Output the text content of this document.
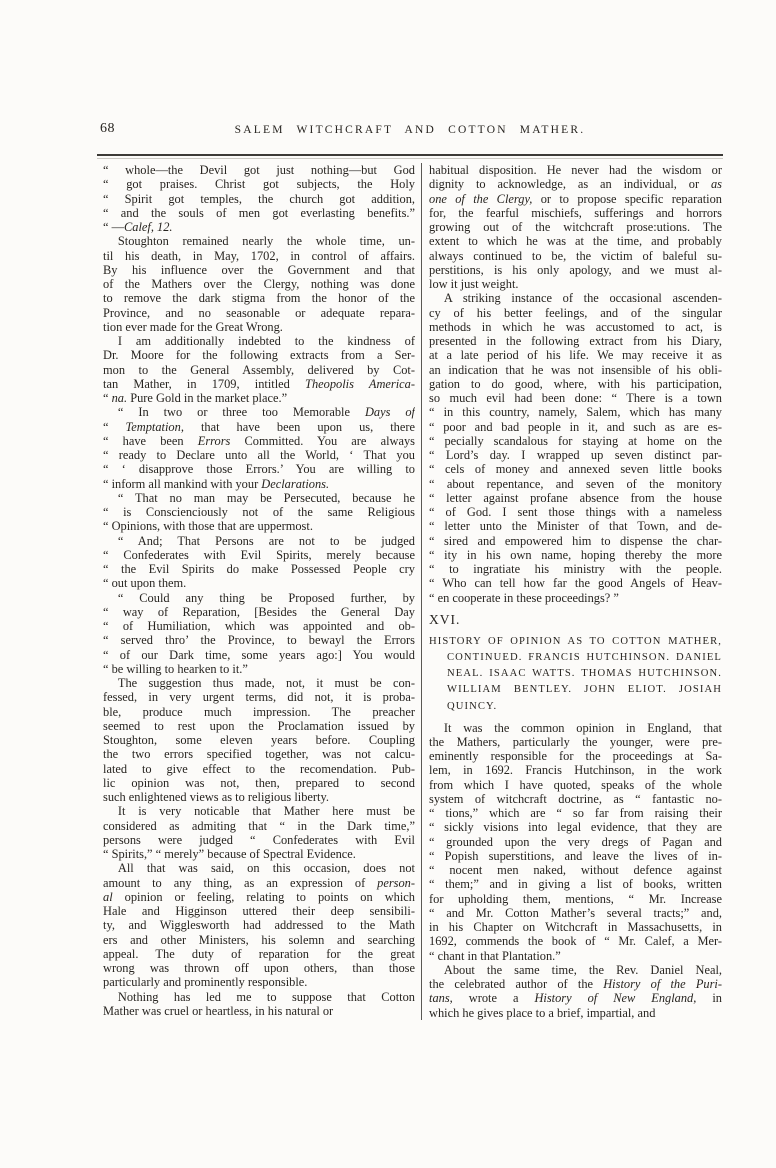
68	SALEM WITCHCRAFT AND COTTON MATHER.
“ whole—the Devil got just nothing—but God
“ got praises. Christ got subjects, the Holy
“ Spirit got temples, the church got addition,
“ and the souls of men got everlasting benefits.”
“ —Calef, 12.
Stoughton remained nearly the whole time, un-
til his death, in May, 1702, in control of affairs.
By his influence over the Government and that
of the Mathers over the Clergy, nothing was done
to remove the dark stigma from the honor of the
Province, and no seasonable or adequate repara-
tion ever made for the Great Wrong.
I am additionally indebted to the kindness of
Dr. Moore for the following extracts from a Ser-
mon to the General Assembly, delivered by Cot-
tan Mather, in 1709, intitled Theopolis America-
“ na. Pure Gold in the market place.”
“ In two or three too Memorable Days of
“ Temptation, that have been upon us, there
“ have been Errors Committed. You are always
“ ready to Declare unto all the World, ‘ That you
“ ‘ disapprove those Errors.’ You are willing to
“ inform all mankind with your Declarations.
“ That no man may be Persecuted, because he
“ is Conscienciously not of the same Religious
“ Opinions, with those that are uppermost.
“ And; That Persons are not to be judged
“ Confederates with Evil Spirits, merely because
“ the Evil Spirits do make Possessed People cry
“ out upon them.
“ Could any thing be Proposed further, by
“ way of Reparation, [Besides the General Day
“ of Humiliation, which was appointed and ob-
“ served thro’ the Province, to bewayl the Errors
“ of our Dark time, some years ago:] You would
“ be willing to hearken to it.”
The suggestion thus made, not, it must be con-
fessed, in very urgent terms, did not, it is proba-
ble, produce much impression. The preacher
seemed to rest upon the Proclamation issued by
Stoughton, some eleven years before. Coupling
the two errors specified together, was not calcu-
lated to give effect to the recomendation. Pub-
lic opinion was not, then, prepared to second
such enlightened views as to religious liberty.
It is very noticable that Mather here must be
considered as admiting that “ in the Dark time,”
persons were judged “ Confederates with Evil
“ Spirits,” “ merely” because of Spectral Evidence.
All that was said, on this occasion, does not
amount to any thing, as an expression of person-
al opinion or feeling, relating to points on which
Hale and Higginson uttered their deep sensibili-
ty, and Wigglesworth had addressed to the Math
ers and other Ministers, his solemn and searching
appeal. The duty of reparation for the great
wrong was thrown off upon others, than those
particularly and prominently responsible.
Nothing has led me to suppose that Cotton
Mather was cruel or heartless, in his natural or
habitual disposition. He never had the wisdom or
dignity to acknowledge, as an individual, or as
one of the Clergy, or to propose specific reparation
for, the fearful mischiefs, sufferings and horrors
growing out of the witchcraft prose:utions. The
extent to which he was at the time, and probably
always continued to be, the victim of baleful su-
perstitions, is his only apology, and we must al-
low it just weight.
A striking instance of the occasional ascenden-
cy of his better feelings, and of the singular
methods in which he was accustomed to act, is
presented in the following extract from his Diary,
at a late period of his life. We may receive it as
an indication that he was not insensible of his obli-
gation to do good, where, with his participation,
so much evil had been done: “ There is a town
“ in this country, namely, Salem, which has many
“ poor and bad people in it, and such as are es-
“ pecially scandalous for staying at home on the
“ Lord’s day. I wrapped up seven distinct par-
“ cels of money and annexed seven little books
“ about repentance, and seven of the monitory
“ letter against profane absence from the house
“ of God. I sent those things with a nameless
“ letter unto the Minister of that Town, and de-
“ sired and empowered him to dispense the char-
“ ity in his own name, hoping thereby the more
“ to ingratiate his ministry with the people.
“ Who can tell how far the good Angels of Heav-
“ en cooperate in these proceedings? ”
XVI.
HISTORY OF OPINION AS TO COTTON MATHER,
CONTINUED. FRANCIS HUTCHINSON. DANIEL
NEAL. ISAAC WATTS. THOMAS HUTCHINSON.
WILLIAM BENTLEY. JOHN ELIOT. JOSIAH
QUINCY.
It was the common opinion in England, that
the Mathers, particularly the younger, were pre-
eminently responsible for the proceedings at Sa-
lem, in 1692. Francis Hutchinson, in the work
from which I have quoted, speaks of the whole
system of witchcraft doctrine, as “ fantastic no-
“ tions,” which are “ so far from raising their
“ sickly visions into legal evidence, that they are
“ grounded upon the very dregs of Pagan and
“ Popish superstitions, and leave the lives of in-
“ nocent men naked, without defence against
“ them;” and in giving a list of books, written
for upholding them, mentions, “ Mr. Increase
“ and Mr. Cotton Mather’s several tracts;” and,
in his Chapter on Witchcraft in Massachusetts, in
1692, commends the book of “ Mr. Calef, a Mer-
“ chant in that Plantation.”
About the same time, the Rev. Daniel Neal,
the celebrated author of the History of the Puri-
tans, wrote a History of New England, in
which he gives place to a brief, impartial, and
